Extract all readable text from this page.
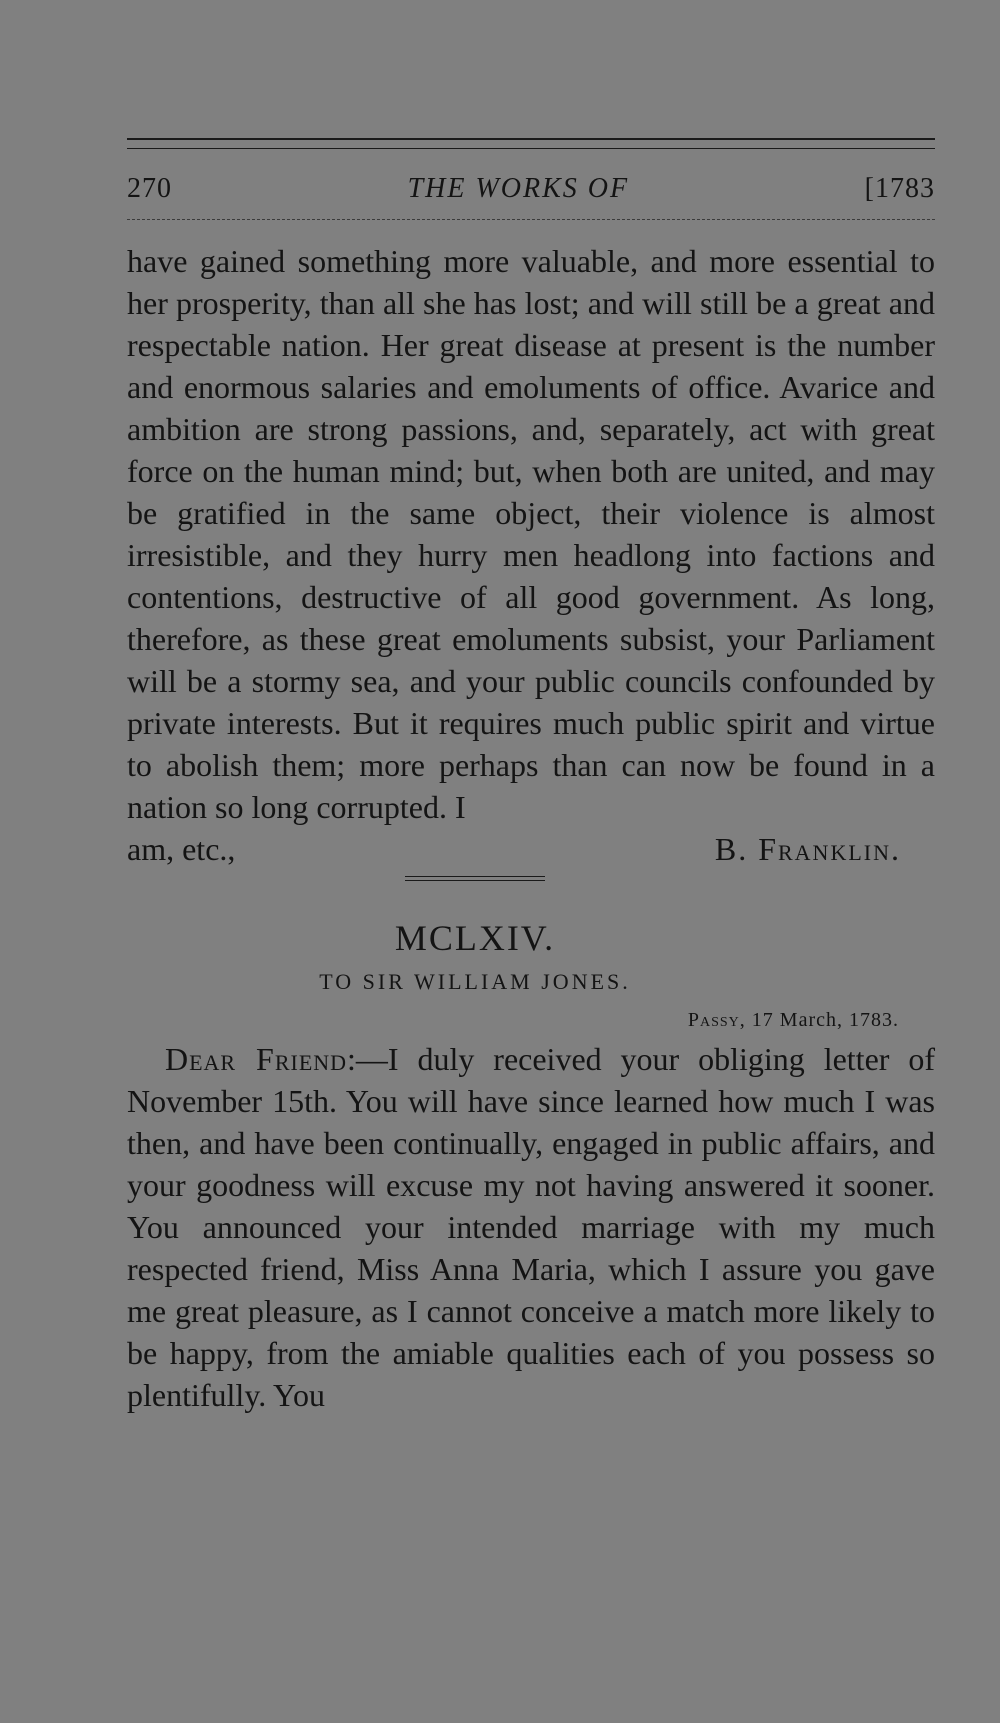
270	THE WORKS OF	[1783

have gained something more valuable, and more essential to her prosperity, than all she has lost; and will still be a great and respectable nation. Her great disease at present is the number and enormous salaries and emoluments of office. Avarice and ambition are strong passions, and, separately, act with great force on the human mind; but, when both are united, and may be gratified in the same object, their violence is almost irresistible, and they hurry men headlong into factions and contentions, destructive of all good government. As long, therefore, as these great emoluments subsist, your Parliament will be a stormy sea, and your public councils confounded by private interests. But it requires much public spirit and virtue to abolish them; more perhaps than can now be found in a nation so long corrupted. I

am, etc.,	B. Franklin.
MCLXIV.
TO SIR WILLIAM JONES.
Passy, 17 March, 1783.
Dear Friend:—I duly received your obliging letter of November 15th. You will have since learned how much I was then, and have been continually, engaged in public affairs, and your goodness will excuse my not having answered it sooner. You announced your intended marriage with my much respected friend, Miss Anna Maria, which I assure you gave me great pleasure, as I cannot conceive a match more likely to be happy, from the amiable qualities each of you possess so plentifully. You
